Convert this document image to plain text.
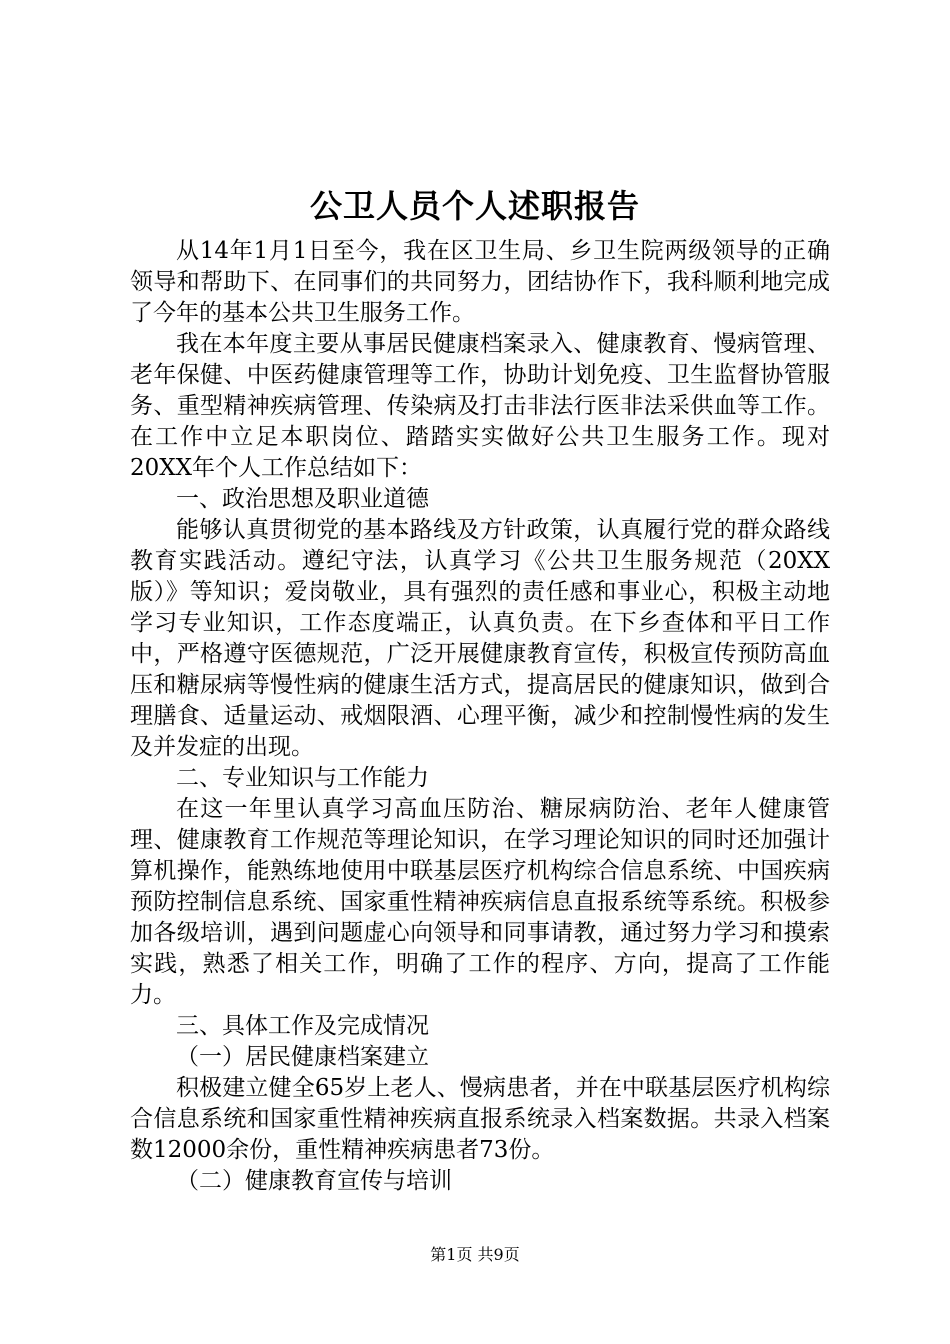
公卫人员个人述职报告

从14年1月1日至今，我在区卫生局、乡卫生院两级领导的正确领导和帮助下、在同事们的共同努力，团结协作下，我科顺利地完成了今年的基本公共卫生服务工作。

我在本年度主要从事居民健康档案录入、健康教育、慢病管理、老年保健、中医药健康管理等工作，协助计划免疫、卫生监督协管服务、重型精神疾病管理、传染病及打击非法行医非法采供血等工作。在工作中立足本职岗位、踏踏实实做好公共卫生服务工作。现对20XX年个人工作总结如下：

一、政治思想及职业道德

能够认真贯彻党的基本路线及方针政策，认真履行党的群众路线教育实践活动。遵纪守法，认真学习《公共卫生服务规范（20XX版）》等知识；爱岗敬业，具有强烈的责任感和事业心，积极主动地学习专业知识，工作态度端正，认真负责。在下乡查体和平日工作中，严格遵守医德规范，广泛开展健康教育宣传，积极宣传预防高血压和糖尿病等慢性病的健康生活方式，提高居民的健康知识，做到合理膳食、适量运动、戒烟限酒、心理平衡，减少和控制慢性病的发生及并发症的出现。

二、专业知识与工作能力

在这一年里认真学习高血压防治、糖尿病防治、老年人健康管理、健康教育工作规范等理论知识，在学习理论知识的同时还加强计算机操作，能熟练地使用中联基层医疗机构综合信息系统、中国疾病预防控制信息系统、国家重性精神疾病信息直报系统等系统。积极参加各级培训，遇到问题虚心向领导和同事请教，通过努力学习和摸索实践，熟悉了相关工作，明确了工作的程序、方向，提高了工作能力。

三、具体工作及完成情况

（一）居民健康档案建立

积极建立健全65岁上老人、慢病患者，并在中联基层医疗机构综合信息系统和国家重性精神疾病直报系统录入档案数据。共录入档案数12000余份，重性精神疾病患者73份。

（二）健康教育宣传与培训

第1页 共9页
